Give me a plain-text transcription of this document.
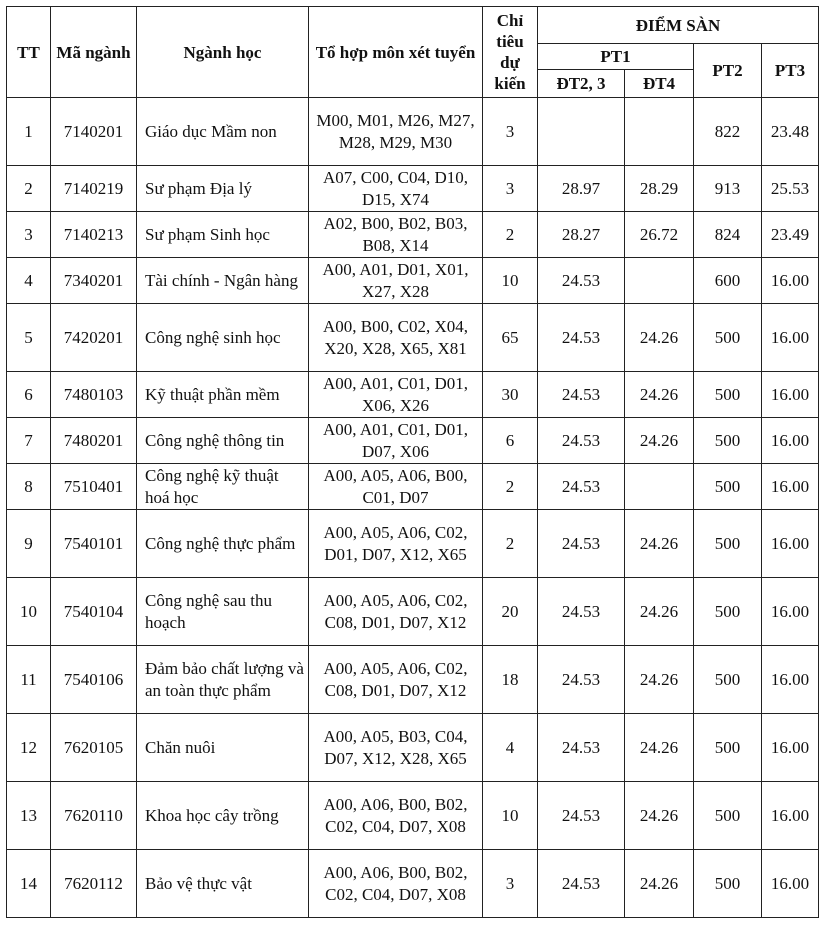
TT	Mã ngành	Ngành học	Tổ hợp môn xét tuyển	Chỉ tiêu dự kiến	ĐIỂM SÀN			
					PT1		PT2	PT3
					ĐT2, 3	ĐT4		
1	7140201	Giáo dục Mầm non	M00, M01, M26, M27, M28, M29, M30	3			822	23.48
2	7140219	Sư phạm Địa lý	A07, C00, C04, D10, D15, X74	3	28.97	28.29	913	25.53
3	7140213	Sư phạm Sinh học	A02, B00, B02, B03, B08, X14	2	28.27	26.72	824	23.49
4	7340201	Tài chính - Ngân hàng	A00, A01, D01, X01, X27, X28	10	24.53		600	16.00
5	7420201	Công nghệ sinh học	A00, B00, C02, X04, X20, X28, X65, X81	65	24.53	24.26	500	16.00
6	7480103	Kỹ thuật phần mềm	A00, A01, C01, D01, X06, X26	30	24.53	24.26	500	16.00
7	7480201	Công nghệ thông tin	A00, A01, C01, D01, D07, X06	6	24.53	24.26	500	16.00
8	7510401	Công nghệ kỹ thuật hoá học	A00, A05, A06, B00, C01, D07	2	24.53		500	16.00
9	7540101	Công nghệ thực phẩm	A00, A05, A06, C02, D01, D07, X12, X65	2	24.53	24.26	500	16.00
10	7540104	Công nghệ sau thu hoạch	A00, A05, A06, C02, C08, D01, D07, X12	20	24.53	24.26	500	16.00
11	7540106	Đảm bảo chất lượng và an toàn thực phẩm	A00, A05, A06, C02, C08, D01, D07, X12	18	24.53	24.26	500	16.00
12	7620105	Chăn nuôi	A00, A05, B03, C04, D07, X12, X28, X65	4	24.53	24.26	500	16.00
13	7620110	Khoa học cây trồng	A00, A06, B00, B02, C02, C04, D07, X08	10	24.53	24.26	500	16.00
14	7620112	Bảo vệ thực vật	A00, A06, B00, B02, C02, C04, D07, X08	3	24.53	24.26	500	16.00
